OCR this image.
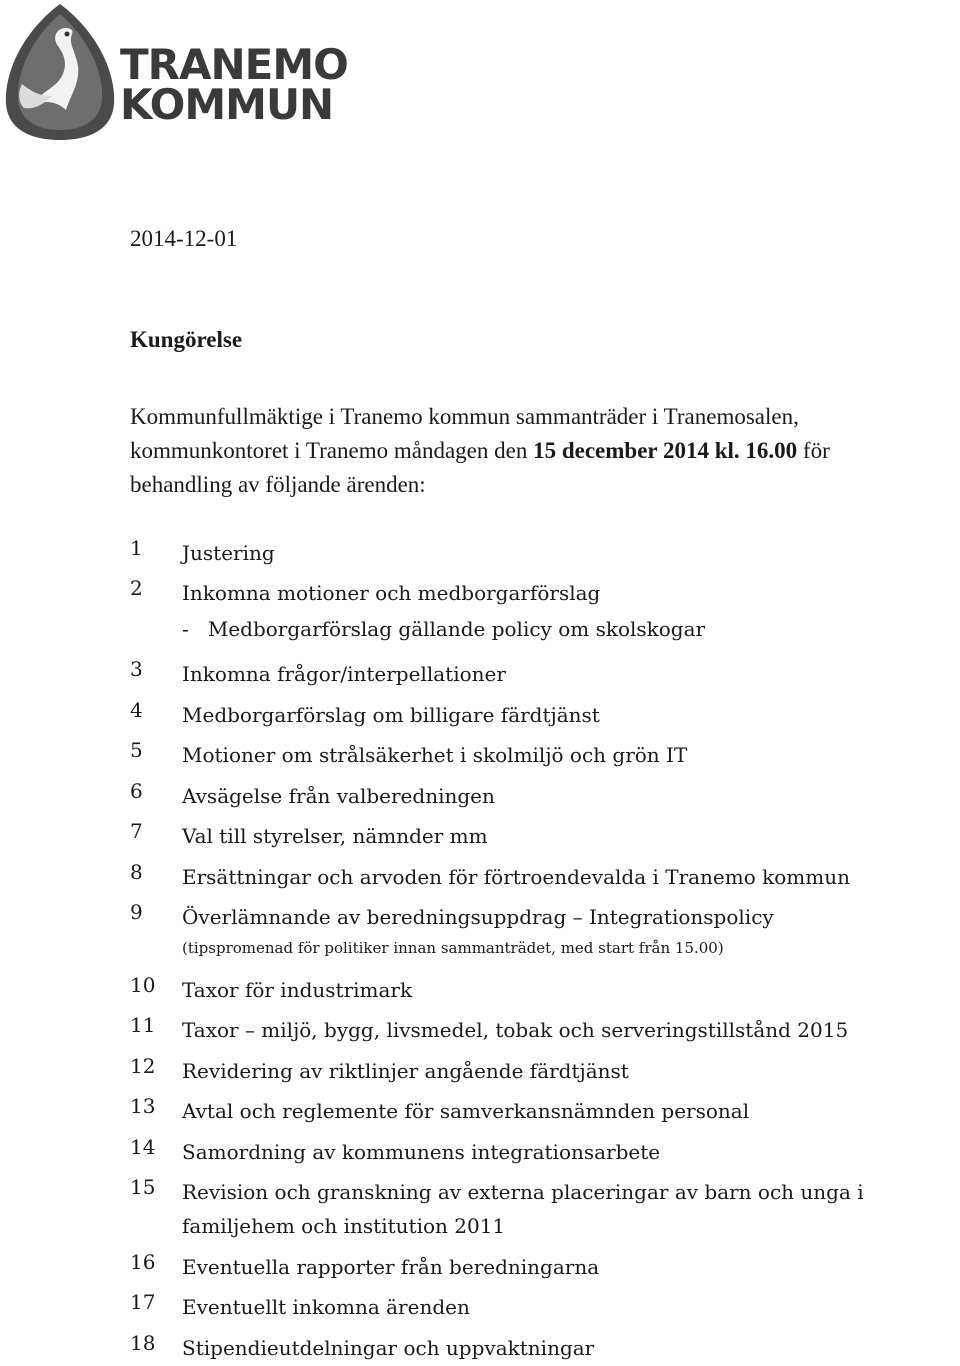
TRANEMO
KOMMUN
2014-12-01
Kungörelse
Kommunfullmäktige i Tranemo kommun sammanträder i Tranemosalen,
kommunkontoret i Tranemo måndagen den 15 december 2014 kl. 16.00 för
behandling av följande ärenden:
1 Justering
2 Inkomna motioner och medborgarförslag
-   Medborgarförslag gällande policy om skolskogar
3 Inkomna frågor/interpellationer
4 Medborgarförslag om billigare färdtjänst
5 Motioner om strålsäkerhet i skolmiljö och grön IT
6 Avsägelse från valberedningen
7 Val till styrelser, nämnder mm
8 Ersättningar och arvoden för förtroendevalda i Tranemo kommun
9 Överlämnande av beredningsuppdrag – Integrationspolicy
(tipspromenad för politiker innan sammanträdet, med start från 15.00)
10 Taxor för industrimark
11 Taxor – miljö, bygg, livsmedel, tobak och serveringstillstånd 2015
12 Revidering av riktlinjer angående färdtjänst
13 Avtal och reglemente för samverkansnämnden personal
14 Samordning av kommunens integrationsarbete
15 Revision och granskning av externa placeringar av barn och unga i familjehem och institution 2011
16 Eventuella rapporter från beredningarna
17 Eventuellt inkomna ärenden
18 Stipendieutdelningar och uppvaktningar
